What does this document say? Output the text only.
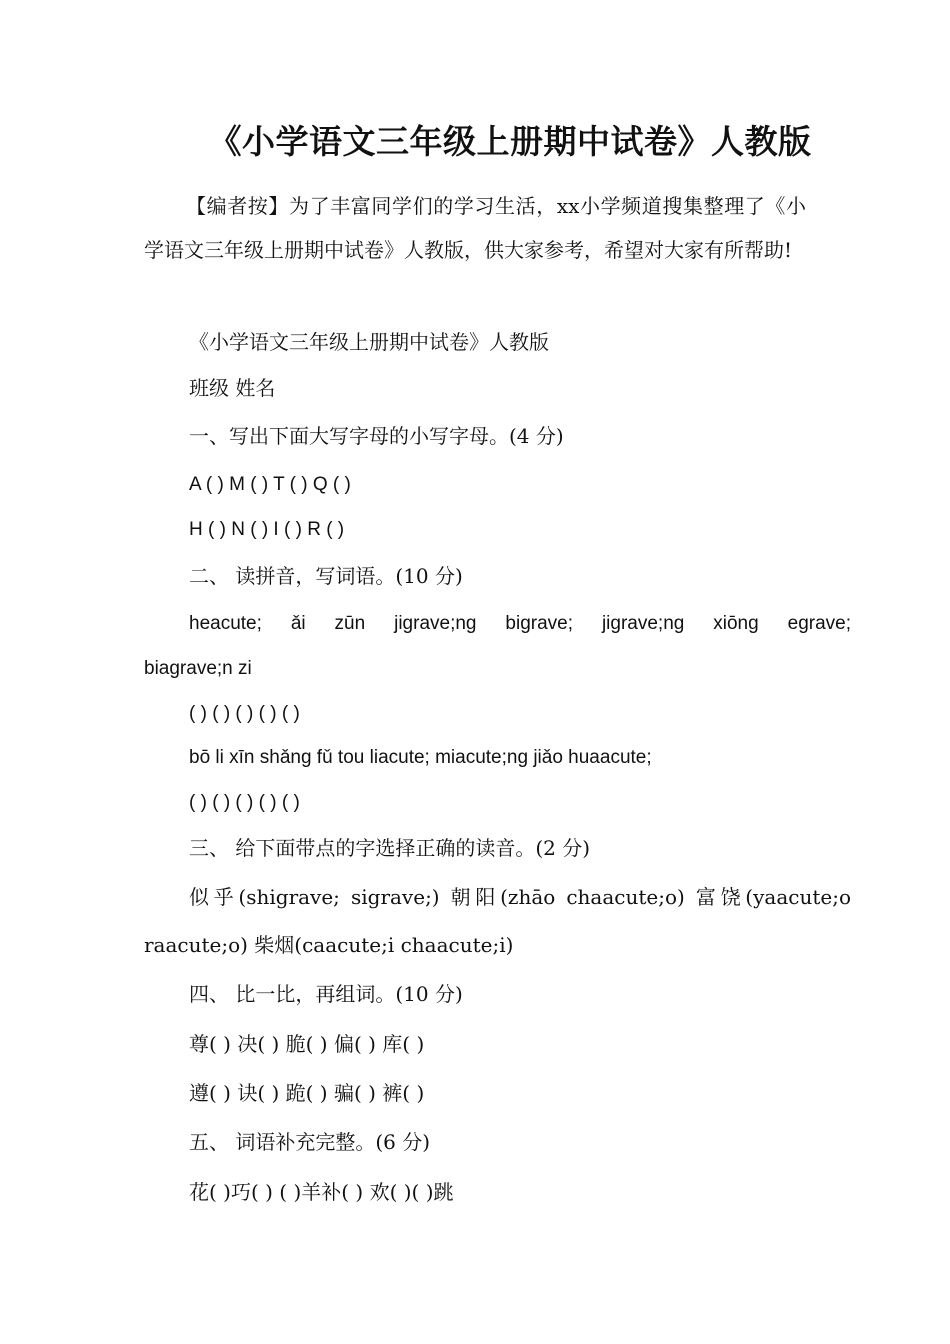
《小学语文三年级上册期中试卷》人教版

【编者按】为了丰富同学们的学习生活，xx小学频道搜集整理了《小学语文三年级上册期中试卷》人教版，供大家参考，希望对大家有所帮助!

《小学语文三年级上册期中试卷》人教版

班级 姓名

一、写出下面大写字母的小写字母。(4 分)

A ( ) M ( ) T ( ) Q ( )

H ( ) N ( ) I ( ) R ( )

二、 读拼音，写词语。(10 分)

heacute; ǎi zūn jigrave;ng bigrave; jigrave;ng xiōng egrave;

biagrave;n zi

( ) ( ) ( ) ( ) ( )

bō li xīn shǎng fǔ tou liacute; miacute;ng jiǎo huaacute;

( ) ( ) ( ) ( ) ( )

三、 给下面带点的字选择正确的读音。(2 分)

似乎(shigrave; sigrave;) 朝阳(zhāo chaacute;o) 富饶(yaacute;o

raacute;o) 柴烟(caacute;i chaacute;i)

四、 比一比，再组词。(10 分)

尊( ) 决( ) 脆( ) 偏( ) 库( )

遵( ) 诀( ) 跪( ) 骗( ) 裤( )

五、 词语补充完整。(6 分)

花( )巧( ) ( )羊补( ) 欢( )( )跳
